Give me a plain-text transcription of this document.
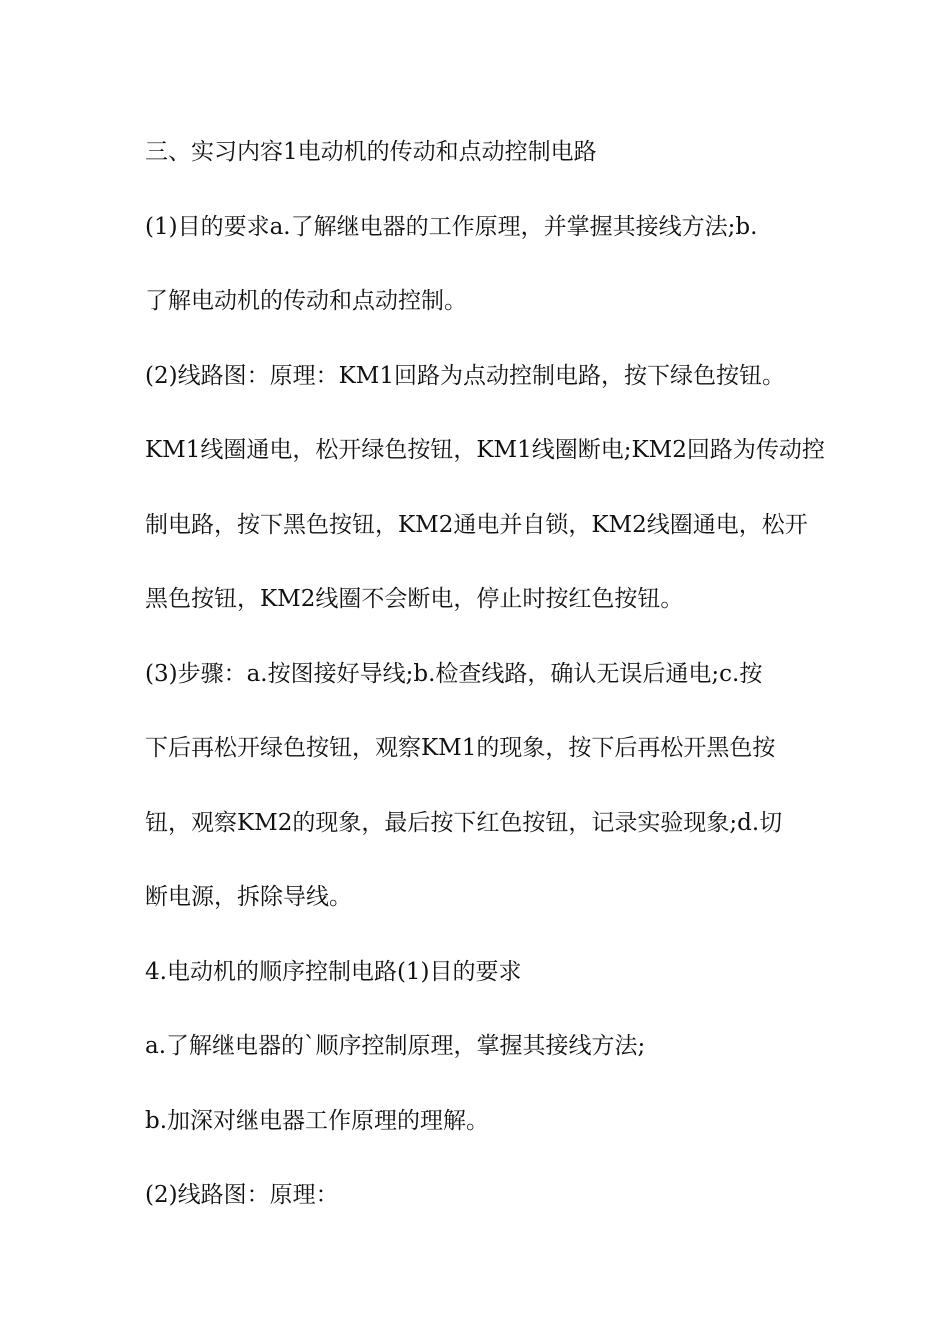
三、实习内容1电动机的传动和点动控制电路
(1)目的要求a.了解继电器的工作原理，并掌握其接线方法;b.
了解电动机的传动和点动控制。
(2)线路图：原理：KM1回路为点动控制电路，按下绿色按钮。
KM1线圈通电，松开绿色按钮，KM1线圈断电;KM2回路为传动控
制电路，按下黑色按钮，KM2通电并自锁，KM2线圈通电，松开
黑色按钮，KM2线圈不会断电，停止时按红色按钮。
(3)步骤：a.按图接好导线;b.检查线路，确认无误后通电;c.按
下后再松开绿色按钮，观察KM1的现象，按下后再松开黑色按
钮，观察KM2的现象，最后按下红色按钮，记录实验现象;d.切
断电源，拆除导线。
4.电动机的顺序控制电路(1)目的要求
a.了解继电器的`顺序控制原理，掌握其接线方法;
b.加深对继电器工作原理的理解。
(2)线路图：原理：
